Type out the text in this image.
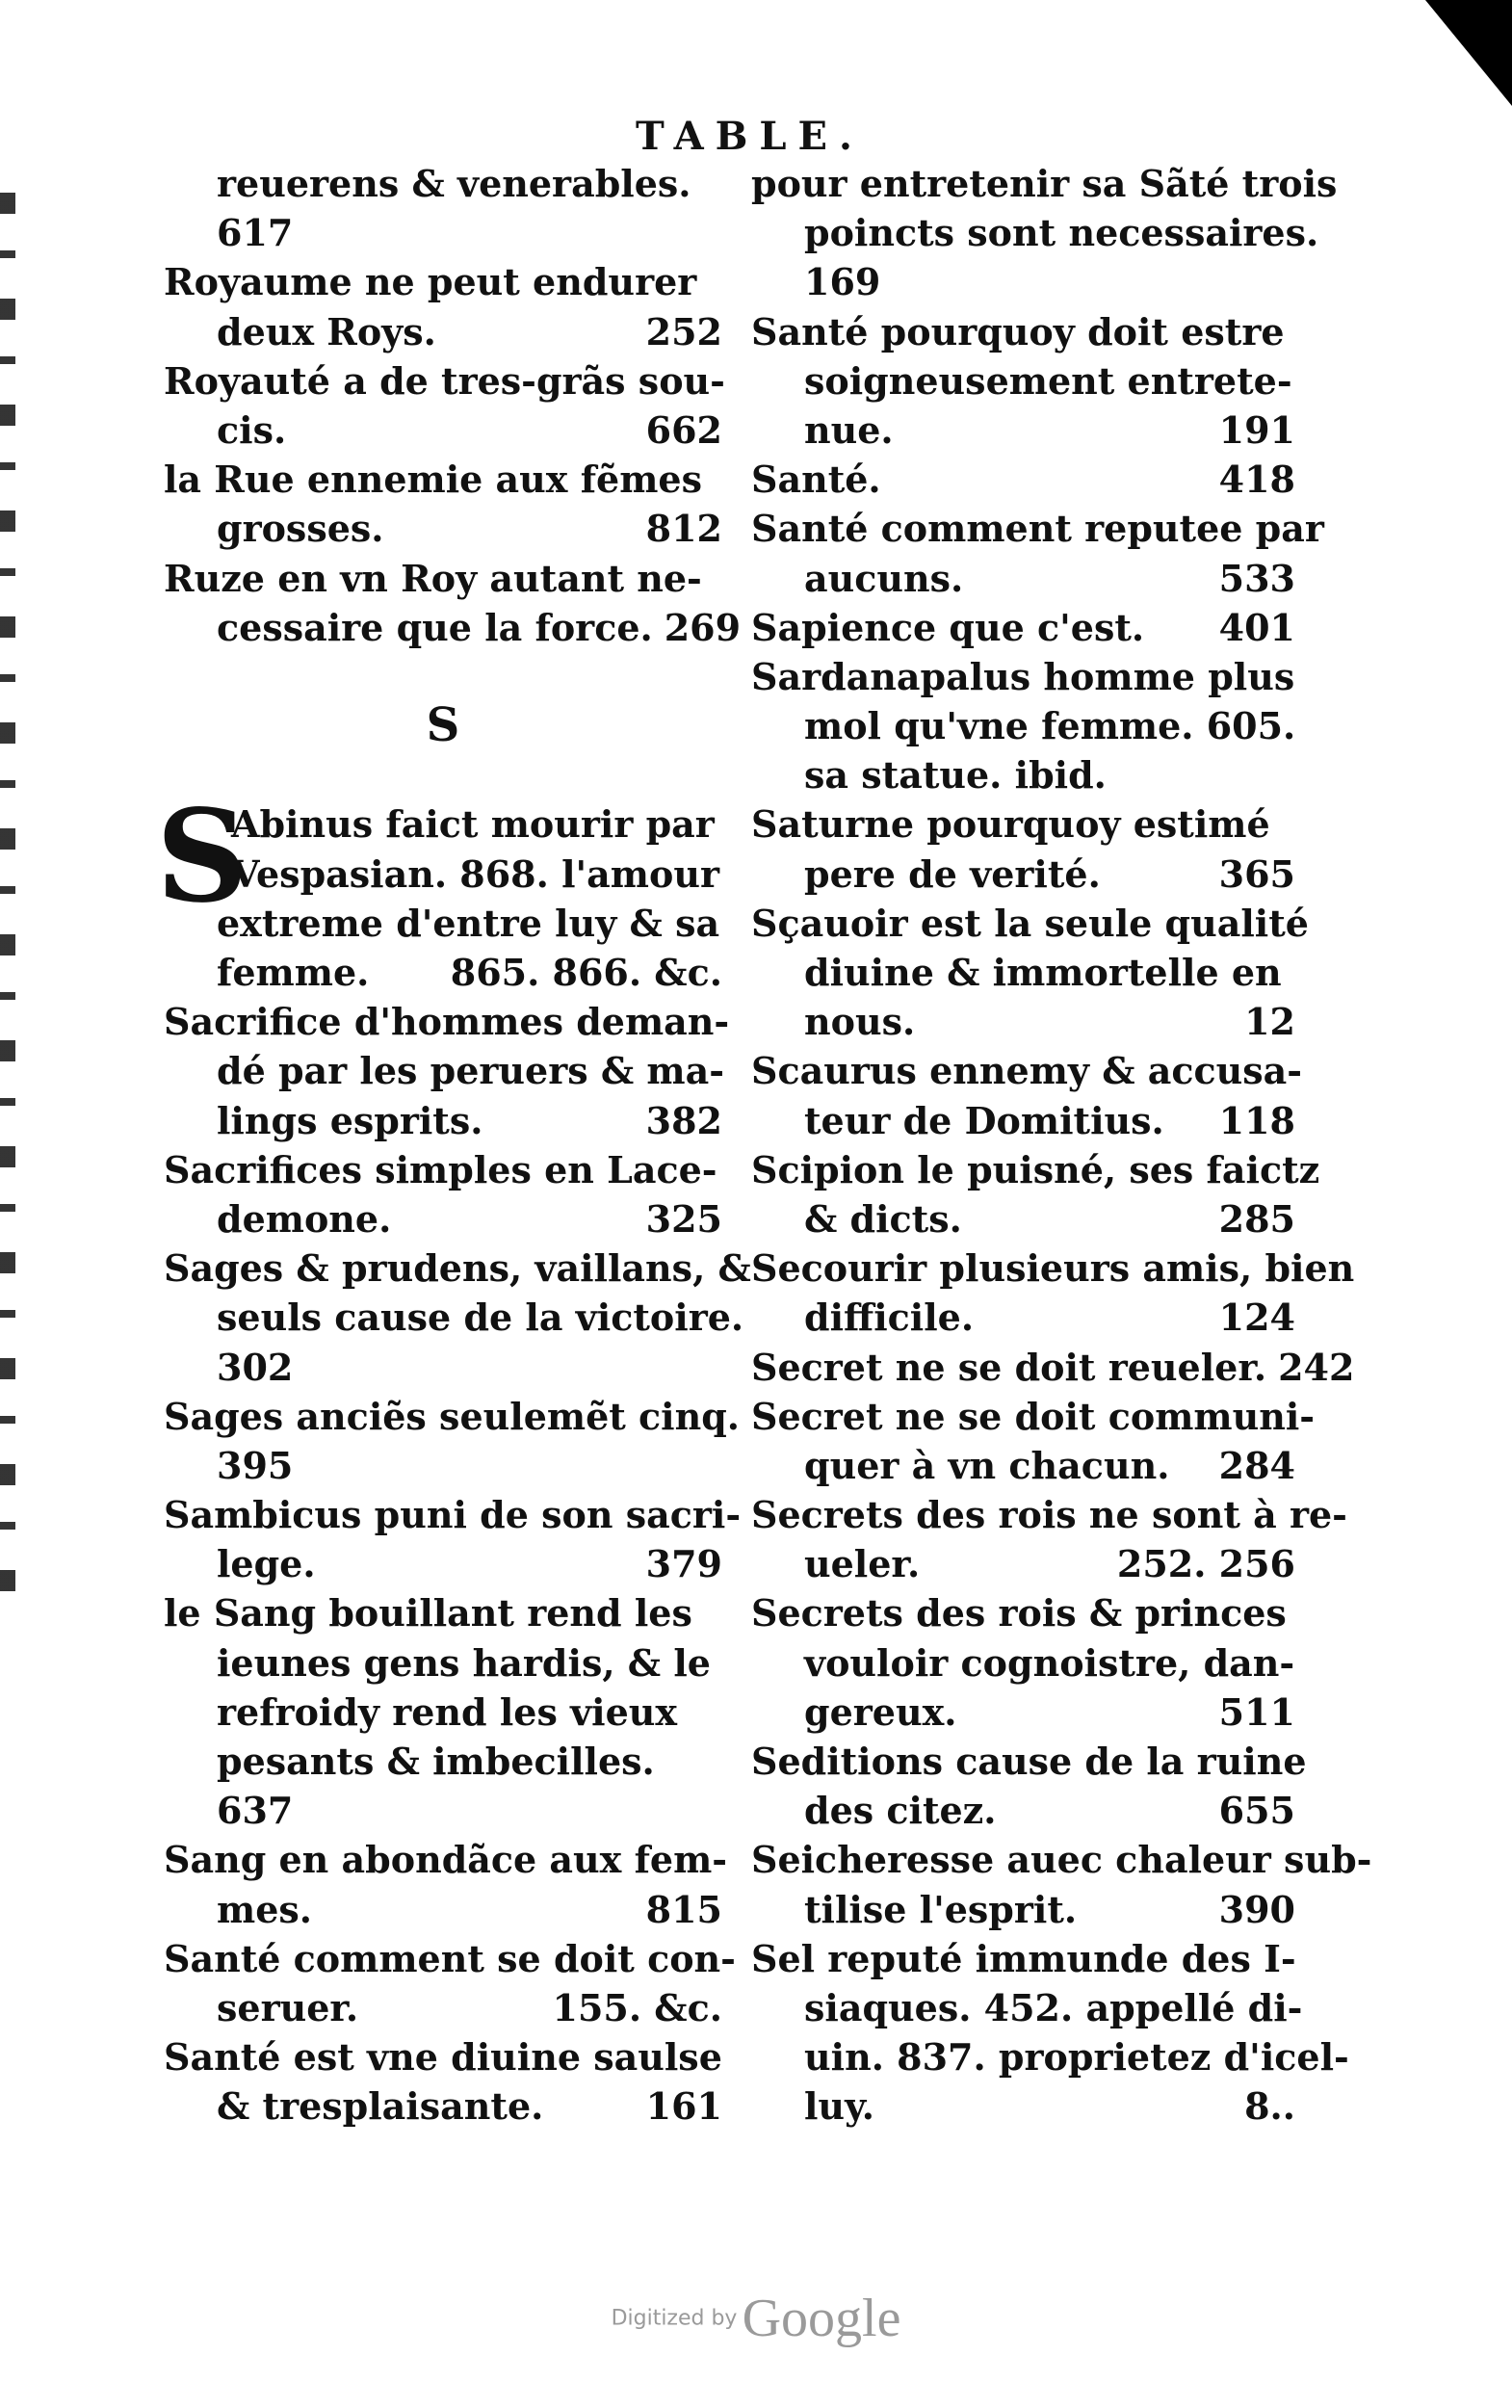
TABLE.
reuerens & venerables.
617
Royaume ne peut endurer
deux Roys.	252
Royauté a de tres-grãs sou-
cis.	662
la Rue ennemie aux fẽmes
grosses.	812
Ruze en vn Roy autant ne-
cessaire que la force. 269
S
S
Abinus faict mourir par
Vespasian. 868. l'amour
extreme d'entre luy & sa
femme. 865. 866. &c.
Sacrifice d'hommes deman-
dé par les peruers & ma-
lings esprits.	382
Sacrifices simples en Lace-
demone.	325
Sages & prudens, vaillans, &
seuls cause de la victoire.
302
Sages anciẽs seulemẽt cinq.
395
Sambicus puni de son sacri-
lege.	379
le Sang bouillant rend les
ieunes gens hardis, & le
refroidy rend les vieux
pesants & imbecilles.
637
Sang en abondãce aux fem-
mes.	815
Santé comment se doit con-
seruer.	155. &c.
Santé est vne diuine saulse
& tresplaisante.	161
pour entretenir sa Sãté trois
poincts sont necessaires.
169
Santé pourquoy doit estre
soigneusement entrete-
nue.	191
Santé.	418
Santé comment reputee par
aucuns.	533
Sapience que c'est. 401
Sardanapalus homme plus
mol qu'vne femme. 605.
sa statue. ibid.
Saturne pourquoy estimé
pere de verité.	365
Sçauoir est la seule qualité
diuine & immortelle en
nous.	12
Scaurus ennemy & accusa-
teur de Domitius. 118
Scipion le puisné, ses faictz
& dicts.	285
Secourir plusieurs amis, bien
difficile.	124
Secret ne se doit reueler. 242
Secret ne se doit communi-
quer à vn chacun. 284
Secrets des rois ne sont à re-
ueler.	252. 256
Secrets des rois & princes
vouloir cognoistre, dan-
gereux.	511
Seditions cause de la ruine
des citez.	655
Seicheresse auec chaleur sub-
tilise l'esprit.	390
Sel reputé immunde des I-
siaques. 452. appellé di-
uin. 837. proprietez d'icel-
luy.	8..
Digitized by Google
